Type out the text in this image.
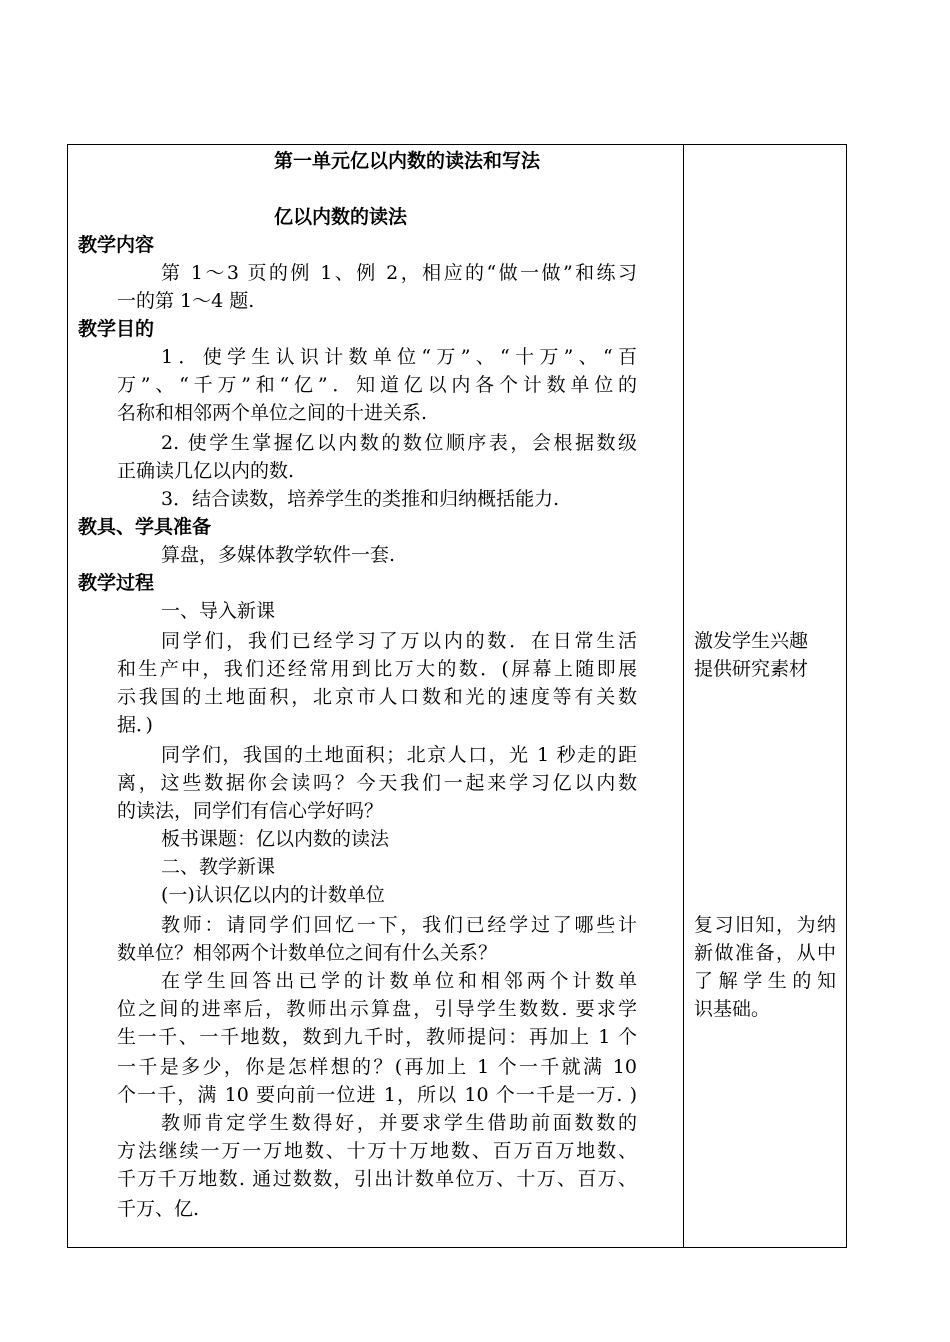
第一单元亿以内数的读法和写法
亿以内数的读法
教学内容
第 1～3 页的例 1、例 2，相应的“做一做”和练习
一的第 1～4 题.
教学目的
1．使学生认识计数单位“万”、“十万”、“百
万”、“千万”和“亿”．知道亿以内各个计数单位的
名称和相邻两个单位之间的十进关系.
2. 使学生掌握亿以内数的数位顺序表，会根据数级
正确读几亿以内的数.
3．结合读数，培养学生的类推和归纳概括能力.
教具、学具准备
算盘，多媒体教学软件一套.
教学过程
一、导入新课
同学们，我们已经学习了万以内的数．在日常生活
和生产中，我们还经常用到比万大的数．(屏幕上随即展
示我国的土地面积，北京市人口数和光的速度等有关数
据．)
同学们，我国的土地面积；北京人口，光 1 秒走的距
离，这些数据你会读吗？今天我们一起来学习亿以内数
的读法，同学们有信心学好吗？
板书课题：亿以内数的读法
二、教学新课
(一)认识亿以内的计数单位
教师：请同学们回忆一下，我们已经学过了哪些计
数单位？相邻两个计数单位之间有什么关系？
在学生回答出已学的计数单位和相邻两个计数单
位之间的进率后，教师出示算盘，引导学生数数. 要求学
生一千、一千地数，数到九千时，教师提问：再加上 1 个
一千是多少，你是怎样想的？(再加上 1 个一千就满 10
个一千，满 10 要向前一位进 1，所以 10 个一千是一万. )
教师肯定学生数得好，并要求学生借助前面数数的
方法继续一万一万地数、十万十万地数、百万百万地数、
千万千万地数. 通过数数，引出计数单位万、十万、百万、
千万、亿.
激发学生兴趣
提供研究素材
复习旧知，为纳
新做准备，从中
了解学生的知
识基础。
